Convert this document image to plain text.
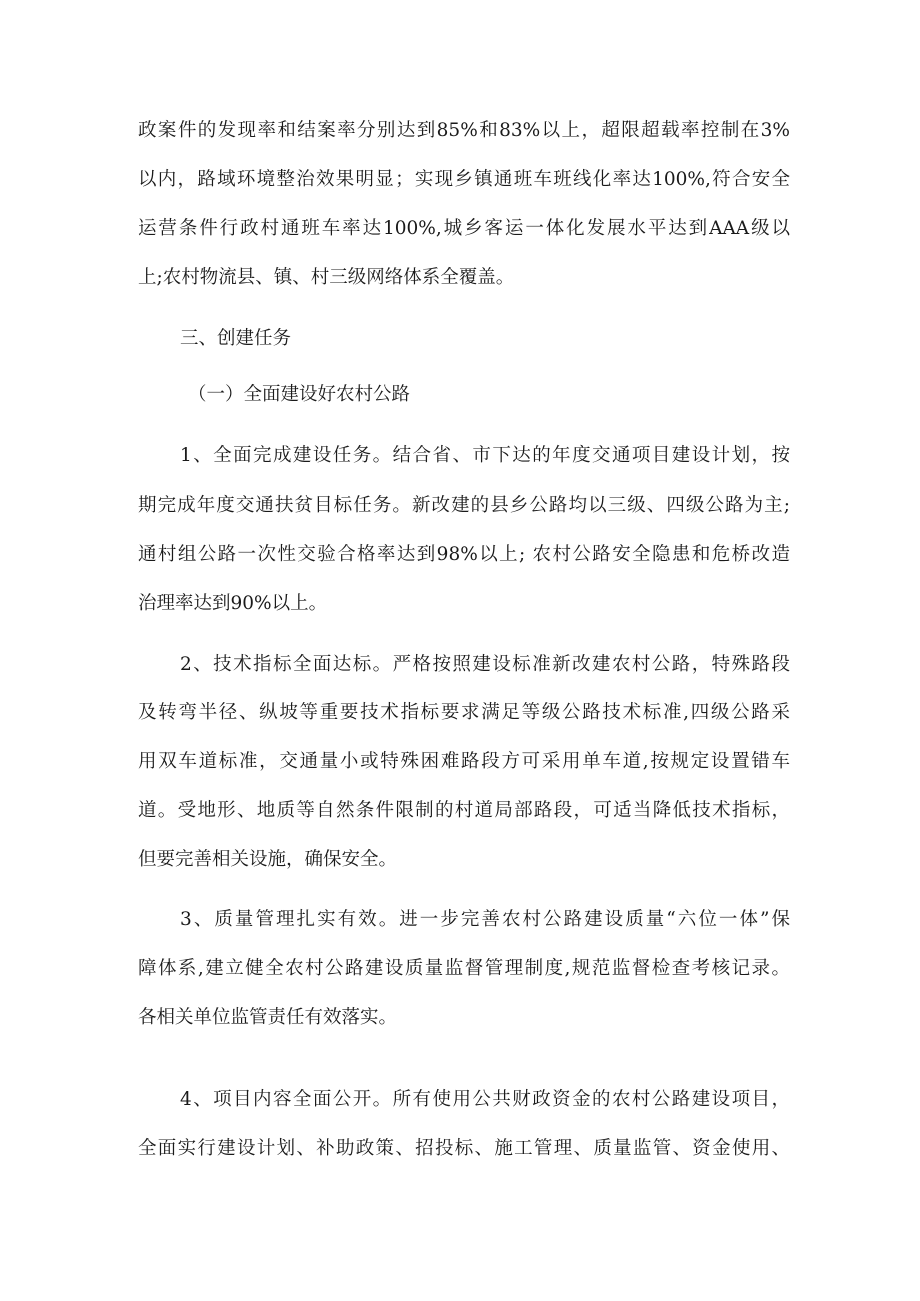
政案件的发现率和结案率分别达到85%和83%以上，超限超载率控制在3%
以内，路域环境整治效果明显；实现乡镇通班车班线化率达100%,符合安全
运营条件行政村通班车率达100%,城乡客运一体化发展水平达到AAA级以
上;农村物流县、镇、村三级网络体系全覆盖。
三、创建任务
（一）全面建设好农村公路
1、全面完成建设任务。结合省、市下达的年度交通项目建设计划，按
期完成年度交通扶贫目标任务。新改建的县乡公路均以三级、四级公路为主;
通村组公路一次性交验合格率达到98%以上; 农村公路安全隐患和危桥改造
治理率达到90%以上。
2、技术指标全面达标。严格按照建设标准新改建农村公路，特殊路段
及转弯半径、纵坡等重要技术指标要求满足等级公路技术标准,四级公路采
用双车道标准，交通量小或特殊困难路段方可采用单车道,按规定设置错车
道。受地形、地质等自然条件限制的村道局部路段，可适当降低技术指标，
但要完善相关设施，确保安全。
3、质量管理扎实有效。进一步完善农村公路建设质量“六位一体”保
障体系,建立健全农村公路建设质量监督管理制度,规范监督检查考核记录。
各相关单位监管责任有效落实。
4、项目内容全面公开。所有使用公共财政资金的农村公路建设项目，
全面实行建设计划、补助政策、招投标、施工管理、质量监管、资金使用、
